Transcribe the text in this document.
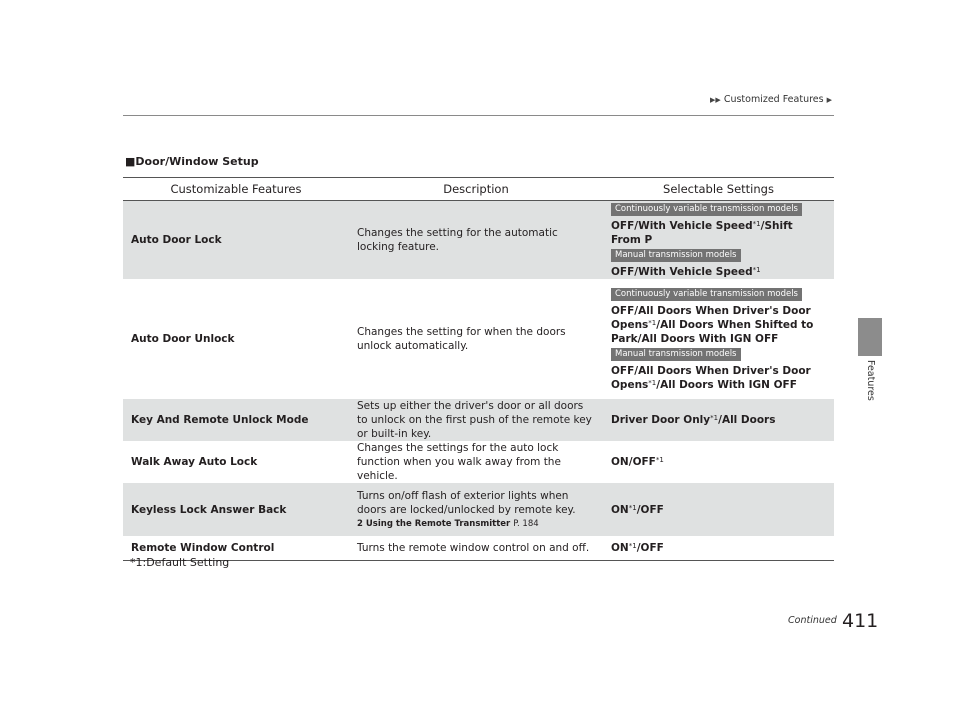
▶▶ Customized Features ▶
Features
■Door/Window Setup
Customizable Features	Description	Selectable Settings
Auto Door Lock	Changes the setting for the automatic locking feature.	Continuously variable transmission models
OFF/With Vehicle Speed$^{*1}$/Shift From P
Manual transmission models
OFF/With Vehicle Speed$^{*1}$

Auto Door Unlock	Changes the setting for when the doors unlock automatically.	Continuously variable transmission models
OFF/All Doors When Driver's Door Opens$^{*1}$/All Doors When Shifted to Park/All Doors With IGN OFF
Manual transmission models
OFF/All Doors When Driver's Door Opens$^{*1}$/All Doors With IGN OFF

Key And Remote Unlock Mode	Sets up either the driver's door or all doors to unlock on the first push of the remote key or built-in key.	Driver Door Only$^{*1}$/All Doors
Walk Away Auto Lock	Changes the settings for the auto lock function when you walk away from the vehicle.	ON/OFF$^{*1}$
Keyless Lock Answer Back	Turns on/off flash of exterior lights when doors are locked/unlocked by remote key.
2 Using the Remote Transmitter P. 184	ON$^{*1}$/OFF
Remote Window Control	Turns the remote window control on and off.	ON$^{*1}$/OFF
*1:Default Setting
Continued 411
